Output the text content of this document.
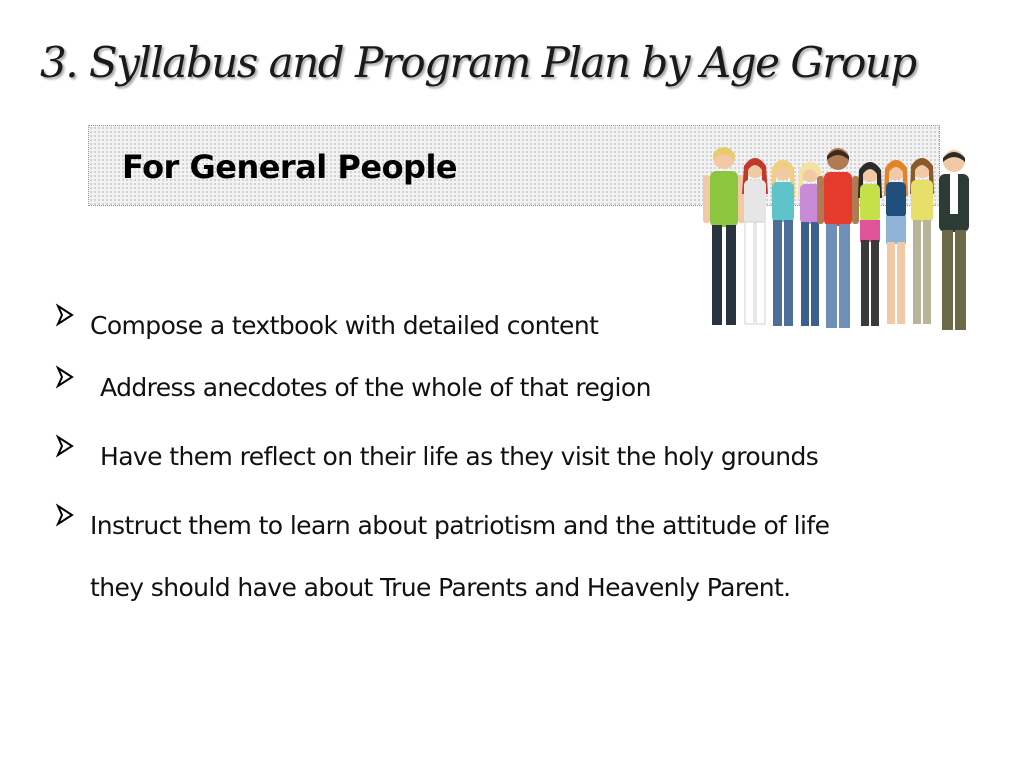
3. Syllabus and Program Plan by Age Group
For General People
Compose a textbook with detailed content
Address anecdotes of the whole of that region
Have them reflect on their life as they visit the holy grounds
Instruct them to learn about patriotism and the attitude of life
they should have about True Parents and Heavenly Parent.
